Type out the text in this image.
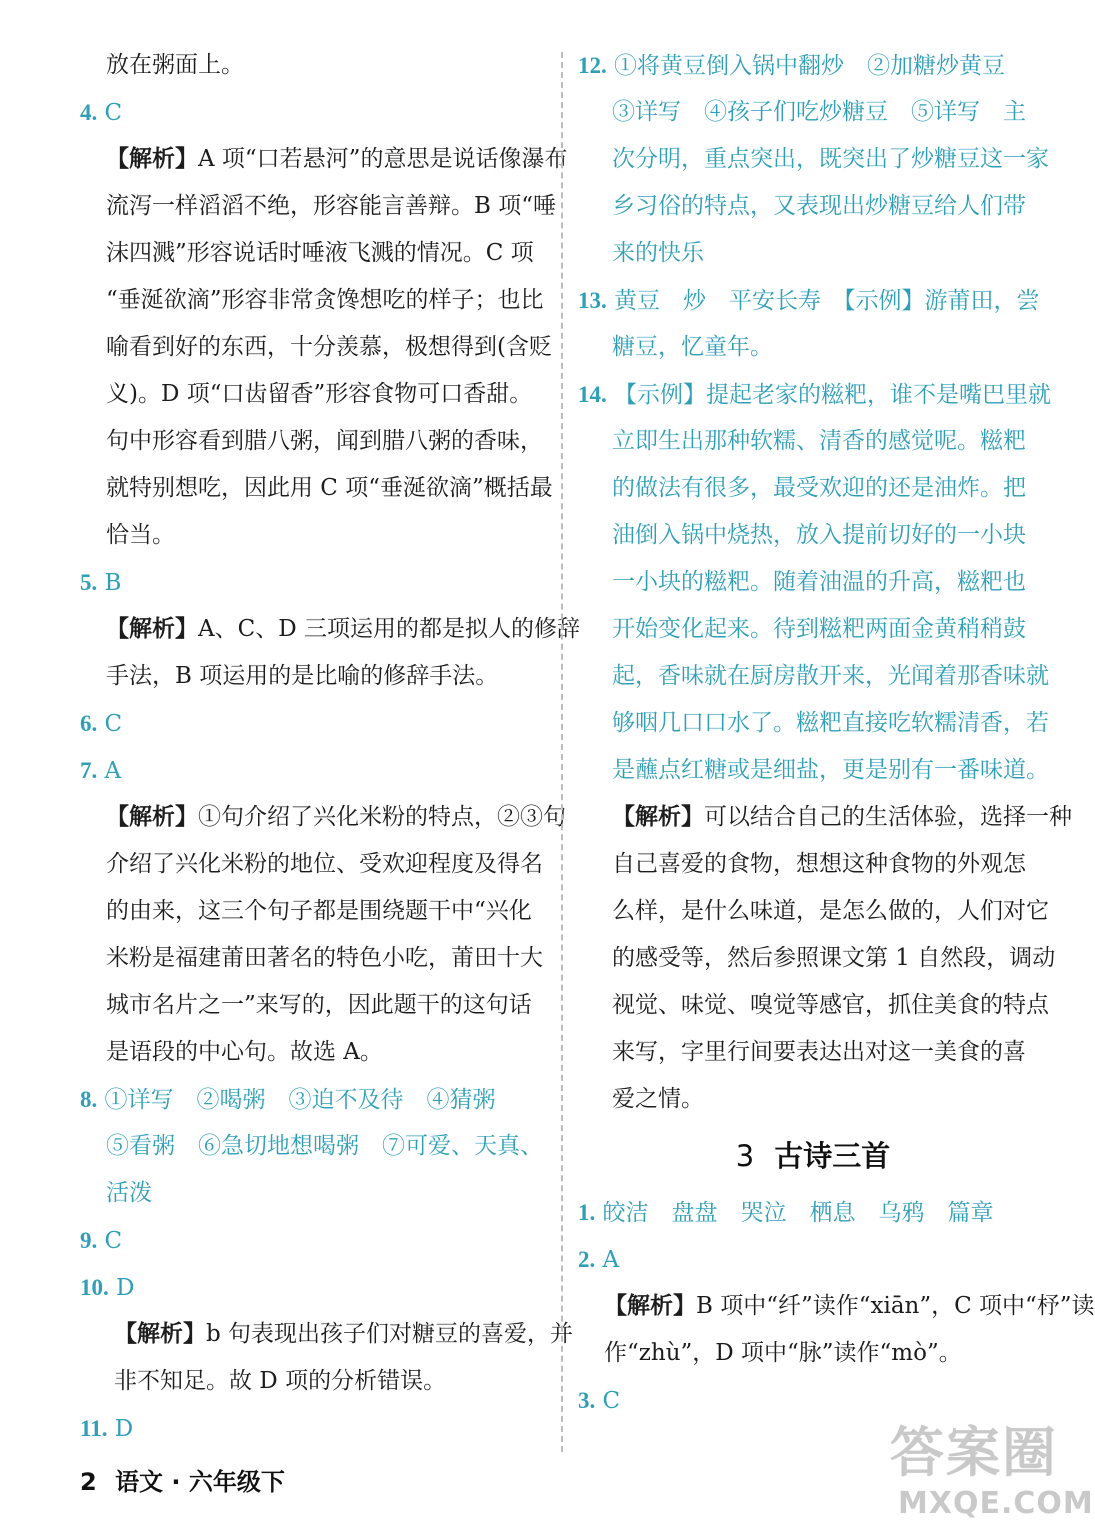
放在粥面上。
4. C
【解析】A 项“口若悬河”的意思是说话像瀑布
流泻一样滔滔不绝，形容能言善辩。B 项“唾
沫四溅”形容说话时唾液飞溅的情况。C 项
“垂涎欲滴”形容非常贪馋想吃的样子；也比
喻看到好的东西，十分羡慕，极想得到(含贬
义)。D 项“口齿留香”形容食物可口香甜。
句中形容看到腊八粥，闻到腊八粥的香味，
就特别想吃，因此用 C 项“垂涎欲滴”概括最
恰当。
5. B
【解析】A、C、D 三项运用的都是拟人的修辞
手法，B 项运用的是比喻的修辞手法。
6. C
7. A
【解析】①句介绍了兴化米粉的特点，②③句
介绍了兴化米粉的地位、受欢迎程度及得名
的由来，这三个句子都是围绕题干中“兴化
米粉是福建莆田著名的特色小吃，莆田十大
城市名片之一”来写的，因此题干的这句话
是语段的中心句。故选 A。
8. ①详写　②喝粥　③迫不及待　④猜粥
⑤看粥　⑥急切地想喝粥　⑦可爱、天真、
活泼
9. C
10. D
【解析】b 句表现出孩子们对糖豆的喜爱，并
非不知足。故 D 项的分析错误。
11. D
12. ①将黄豆倒入锅中翻炒　②加糖炒黄豆
③详写　④孩子们吃炒糖豆　⑤详写　主
次分明，重点突出，既突出了炒糖豆这一家
乡习俗的特点，又表现出炒糖豆给人们带
来的快乐
13. 黄豆　炒　平安长寿　【示例】游莆田，尝
糖豆，忆童年。
14. 【示例】提起老家的糍粑，谁不是嘴巴里就
立即生出那种软糯、清香的感觉呢。糍粑
的做法有很多，最受欢迎的还是油炸。把
油倒入锅中烧热，放入提前切好的一小块
一小块的糍粑。随着油温的升高，糍粑也
开始变化起来。待到糍粑两面金黄稍稍鼓
起，香味就在厨房散开来，光闻着那香味就
够咽几口口水了。糍粑直接吃软糯清香，若
是蘸点红糖或是细盐，更是别有一番味道。
【解析】可以结合自己的生活体验，选择一种
自己喜爱的食物，想想这种食物的外观怎
么样，是什么味道，是怎么做的，人们对它
的感受等，然后参照课文第 1 自然段，调动
视觉、味觉、嗅觉等感官，抓住美食的特点
来写，字里行间要表达出对这一美食的喜
爱之情。
3 古诗三首
1. 皎洁　盘盘　哭泣　栖息　乌鸦　篇章
2. A
【解析】B 项中“纤”读作“xiān”，C 项中“杼”读
作“zhù”，D 项中“脉”读作“mò”。
3. C
2 语文 · 六年级下	答案圈
MXQE.COM
